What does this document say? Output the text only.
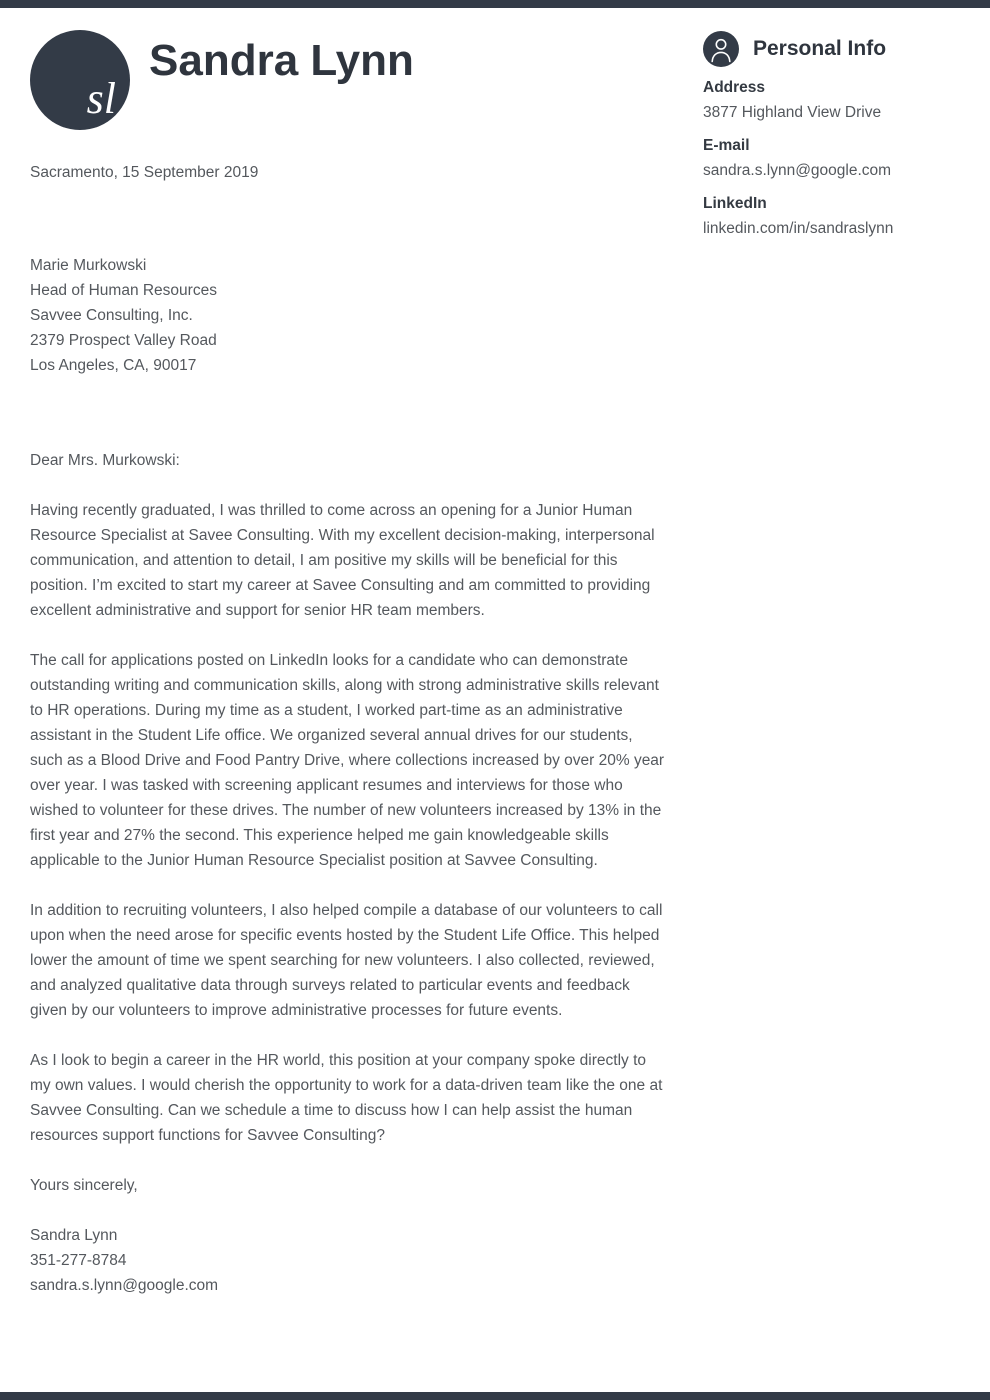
sl
Sandra Lynn	Personal Info
Address
3877 Highland View Drive
E-mail
sandra.s.lynn@google.com
LinkedIn
linkedin.com/in/sandraslynn

Sacramento, 15 September 2019

Marie Murkowski
Head of Human Resources
Savvee Consulting, Inc.
2379 Prospect Valley Road
Los Angeles, CA, 90017

Dear Mrs. Murkowski:

Having recently graduated, I was thrilled to come across an opening for a Junior Human Resource Specialist at Savee Consulting. With my excellent decision-making, interpersonal communication, and attention to detail, I am positive my skills will be beneficial for this position. I’m excited to start my career at Savee Consulting and am committed to providing excellent administrative and support for senior HR team members.

The call for applications posted on LinkedIn looks for a candidate who can demonstrate outstanding writing and communication skills, along with strong administrative skills relevant to HR operations. During my time as a student, I worked part-time as an administrative assistant in the Student Life office. We organized several annual drives for our students, such as a Blood Drive and Food Pantry Drive, where collections increased by over 20% year over year. I was tasked with screening applicant resumes and interviews for those who wished to volunteer for these drives. The number of new volunteers increased by 13% in the first year and 27% the second. This experience helped me gain knowledgeable skills applicable to the Junior Human Resource Specialist position at Savvee Consulting.

In addition to recruiting volunteers, I also helped compile a database of our volunteers to call upon when the need arose for specific events hosted by the Student Life Office. This helped lower the amount of time we spent searching for new volunteers. I also collected, reviewed, and analyzed qualitative data through surveys related to particular events and feedback given by our volunteers to improve administrative processes for future events.

As I look to begin a career in the HR world, this position at your company spoke directly to my own values. I would cherish the opportunity to work for a data-driven team like the one at Savvee Consulting. Can we schedule a time to discuss how I can help assist the human resources support functions for Savvee Consulting?

Yours sincerely,

Sandra Lynn
351-277-8784
sandra.s.lynn@google.com
